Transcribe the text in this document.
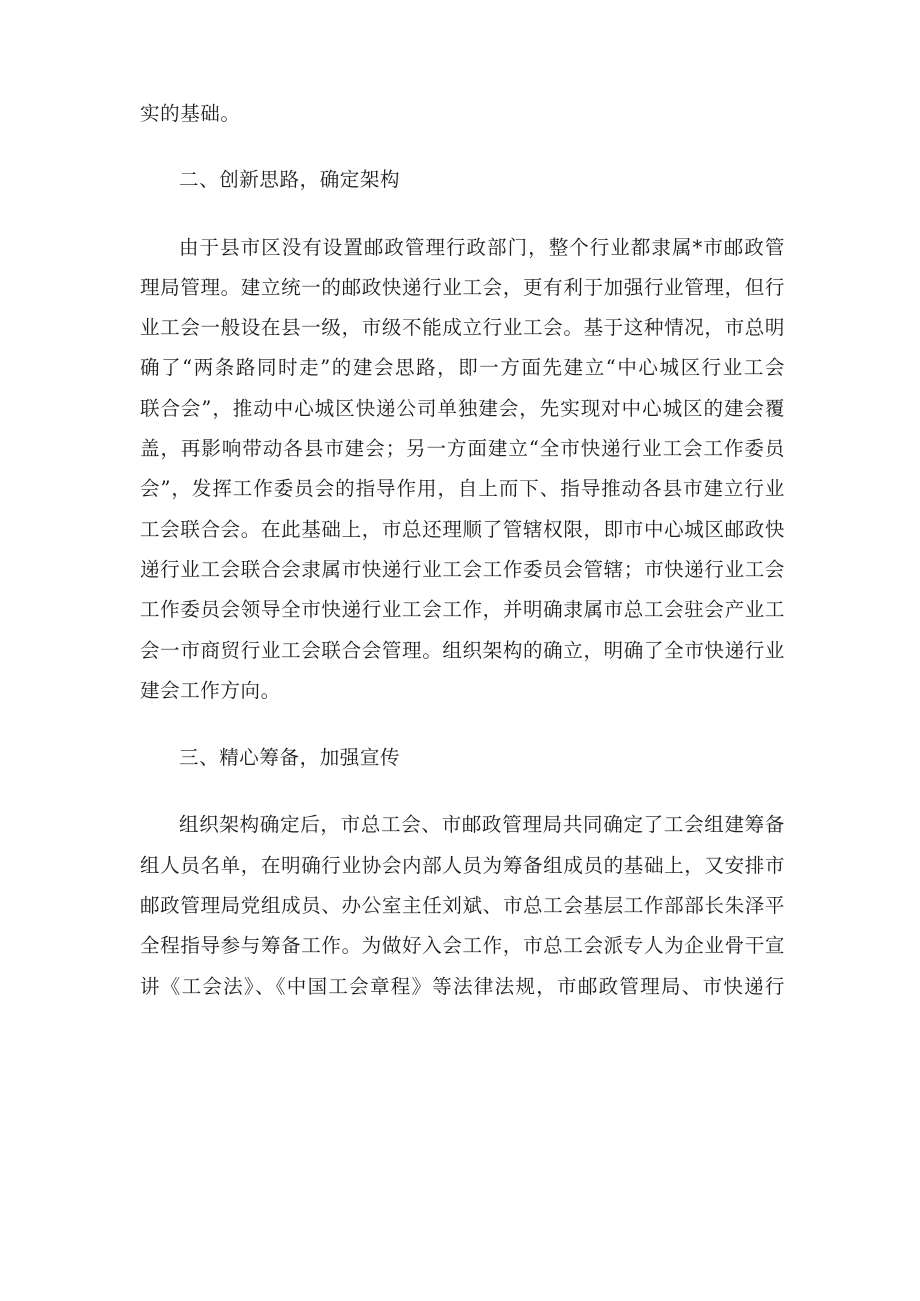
实的基础。
二、创新思路，确定架构
由于县市区没有设置邮政管理行政部门，整个行业都隶属*市邮政管
理局管理。建立统一的邮政快递行业工会，更有利于加强行业管理，但行
业工会一般设在县一级，市级不能成立行业工会。基于这种情况，市总明
确了“两条路同时走”的建会思路，即一方面先建立“中心城区行业工会
联合会”，推动中心城区快递公司单独建会，先实现对中心城区的建会覆
盖，再影响带动各县市建会；另一方面建立“全市快递行业工会工作委员
会”，发挥工作委员会的指导作用，自上而下、指导推动各县市建立行业
工会联合会。在此基础上，市总还理顺了管辖权限，即市中心城区邮政快
递行业工会联合会隶属市快递行业工会工作委员会管辖；市快递行业工会
工作委员会领导全市快递行业工会工作，并明确隶属市总工会驻会产业工
会一市商贸行业工会联合会管理。组织架构的确立，明确了全市快递行业
建会工作方向。
三、精心筹备，加强宣传
组织架构确定后，市总工会、市邮政管理局共同确定了工会组建筹备
组人员名单，在明确行业协会内部人员为筹备组成员的基础上，又安排市
邮政管理局党组成员、办公室主任刘斌、市总工会基层工作部部长朱泽平
全程指导参与筹备工作。为做好入会工作，市总工会派专人为企业骨干宣
讲《工会法》、《中国工会章程》等法律法规，市邮政管理局、市快递行
